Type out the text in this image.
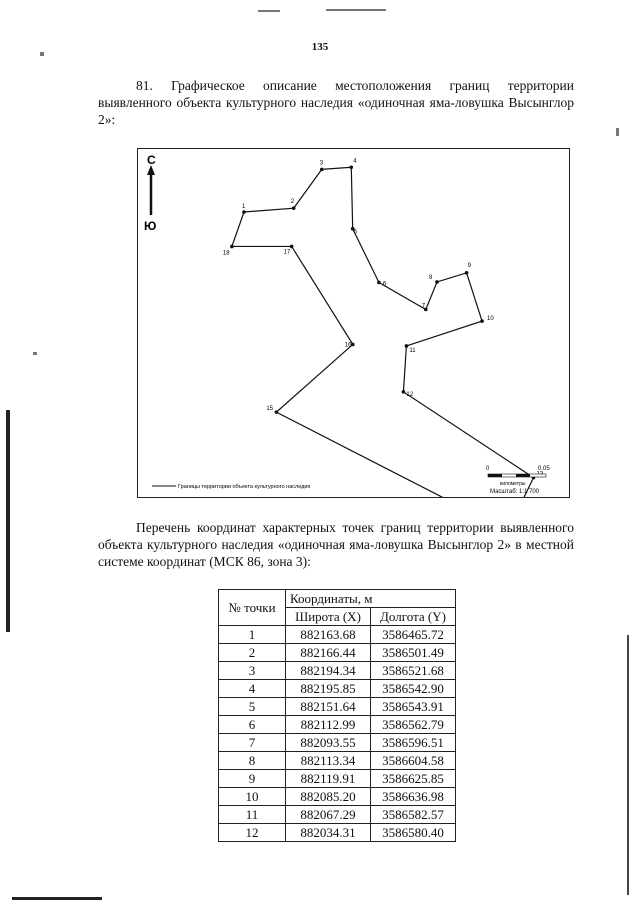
135
81. Графическое описание местоположения границ территории выявленного объекта культурного наследия «одиночная яма-ловушка Высынглор 2»:
С
Ю
1
2
3	4
5
6
7
8
9
10
11
12
15
16
17
18
Границы территории объекта культурного наследия
0	0.05
километры
Масштаб: 1:1 700
Перечень координат характерных точек границ территории выявленного объекта культурного наследия «одиночная яма-ловушка Высынглор 2» в местной системе координат (МСК 86, зона 3):
№ точки	Координаты, м	
	Широта (X)	Долгота (Y)
1	882163.68	3586465.72
2	882166.44	3586501.49
3	882194.34	3586521.68
4	882195.85	3586542.90
5	882151.64	3586543.91
6	882112.99	3586562.79
7	882093.55	3586596.51
8	882113.34	3586604.58
9	882119.91	3586625.85
10	882085.20	3586636.98
11	882067.29	3586582.57
12	882034.31	3586580.40
